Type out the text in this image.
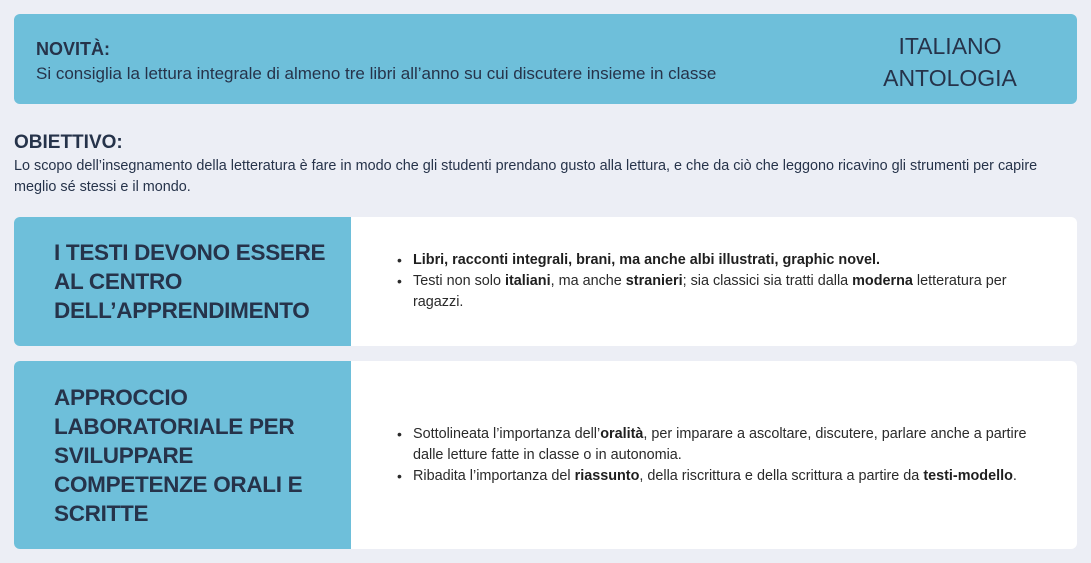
NOVITÀ:
Si consiglia la lettura integrale di almeno tre libri all’anno su cui discutere insieme in classe
ITALIANO
ANTOLOGIA
OBIETTIVO:
Lo scopo dell’insegnamento della letteratura è fare in modo che gli studenti prendano gusto alla lettura, e che da ciò che leggono ricavino gli strumenti per capire meglio sé stessi e il mondo.
I TESTI DEVONO ESSERE
AL CENTRO
DELL’APPRENDIMENTO
• Libri, racconti integrali, brani, ma anche albi illustrati, graphic novel.
• Testi non solo italiani, ma anche stranieri; sia classici sia tratti dalla moderna letteratura per ragazzi.
APPROCCIO
LABORATORIALE PER
SVILUPPARE
COMPETENZE ORALI E
SCRITTE
• Sottolineata l’importanza dell’oralità, per imparare a ascoltare, discutere, parlare anche a partire dalle letture fatte in classe o in autonomia.
• Ribadita l’importanza del riassunto, della riscrittura e della scrittura a partire da testi-modello.
